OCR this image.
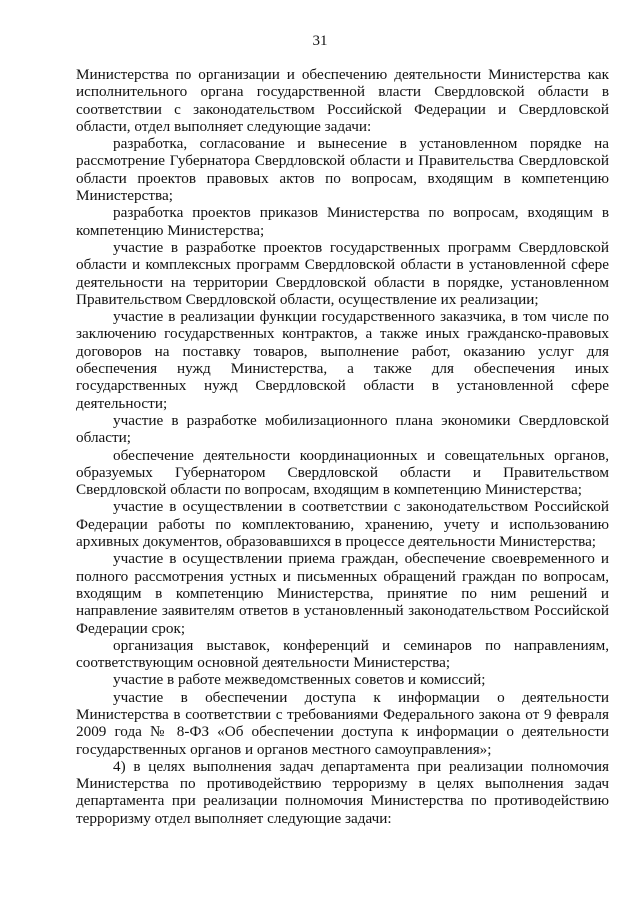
31

Министерства по организации и обеспечению деятельности Министерства как исполнительного органа государственной власти Свердловской области в соответствии с законодательством Российской Федерации и Свердловской области, отдел выполняет следующие задачи:

разработка, согласование и вынесение в установленном порядке на рассмотрение Губернатора Свердловской области и Правительства Свердловской области проектов правовых актов по вопросам, входящим в компетенцию Министерства;

разработка проектов приказов Министерства по вопросам, входящим в компетенцию Министерства;

участие в разработке проектов государственных программ Свердловской области и комплексных программ Свердловской области в установленной сфере деятельности на территории Свердловской области в порядке, установленном Правительством Свердловской области, осуществление их реализации;

участие в реализации функции государственного заказчика, в том числе по заключению государственных контрактов, а также иных гражданско-правовых договоров на поставку товаров, выполнение работ, оказанию услуг для обеспечения нужд Министерства, а также для обеспечения иных государственных нужд Свердловской области в установленной сфере деятельности;

участие в разработке мобилизационного плана экономики Свердловской области;

обеспечение деятельности координационных и совещательных органов, образуемых Губернатором Свердловской области и Правительством Свердловской области по вопросам, входящим в компетенцию Министерства;

участие в осуществлении в соответствии с законодательством Российской Федерации работы по комплектованию, хранению, учету и использованию архивных документов, образовавшихся в процессе деятельности Министерства;

участие в осуществлении приема граждан, обеспечение своевременного и полного рассмотрения устных и письменных обращений граждан по вопросам, входящим в компетенцию Министерства, принятие по ним решений и направление заявителям ответов в установленный законодательством Российской Федерации срок;

организация выставок, конференций и семинаров по направлениям, соответствующим основной деятельности Министерства;

участие в работе межведомственных советов и комиссий;

участие в обеспечении доступа к информации о деятельности Министерства в соответствии с требованиями Федерального закона от 9 февраля 2009 года № 8-ФЗ «Об обеспечении доступа к информации о деятельности государственных органов и органов местного самоуправления»;

4) в целях выполнения задач департамента при реализации полномочия Министерства по противодействию терроризму в целях выполнения задач департамента при реализации полномочия Министерства по противодействию терроризму отдел выполняет следующие задачи:
